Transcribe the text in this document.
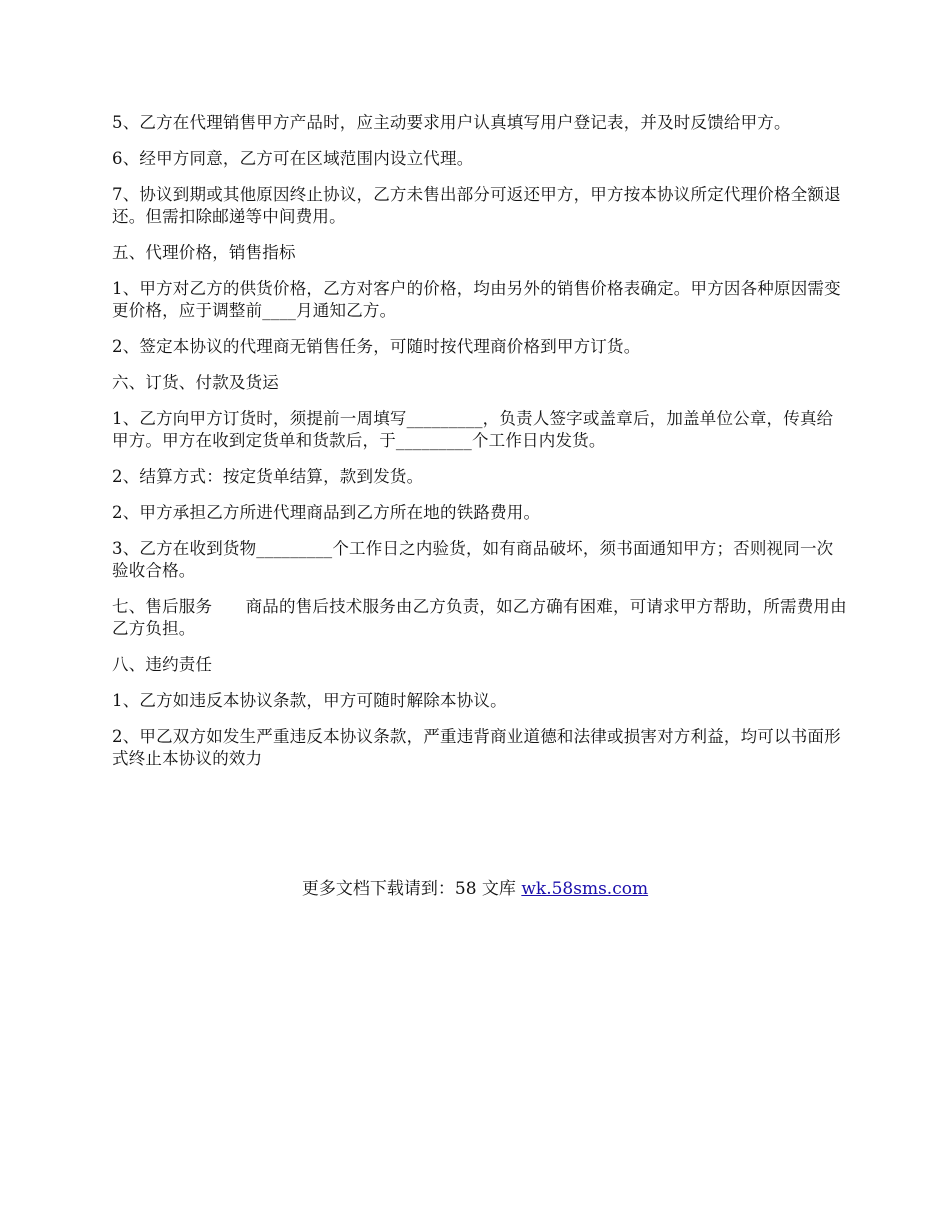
5、乙方在代理销售甲方产品时，应主动要求用户认真填写用户登记表，并及时反馈给甲方。

6、经甲方同意，乙方可在区域范围内设立代理。

7、协议到期或其他原因终止协议，乙方未售出部分可返还甲方，甲方按本协议所定代理价格全额退还。但需扣除邮递等中间费用。

五、代理价格，销售指标

1、甲方对乙方的供货价格，乙方对客户的价格，均由另外的销售价格表确定。甲方因各种原因需变更价格，应于调整前____月通知乙方。

2、签定本协议的代理商无销售任务，可随时按代理商价格到甲方订货。

六、订货、付款及货运

1、乙方向甲方订货时，须提前一周填写_________，负责人签字或盖章后，加盖单位公章，传真给甲方。甲方在收到定货单和货款后，于_________个工作日内发货。

2、结算方式：按定货单结算，款到发货。

2、甲方承担乙方所进代理商品到乙方所在地的铁路费用。

3、乙方在收到货物_________个工作日之内验货，如有商品破坏，须书面通知甲方；否则视同一次验收合格。

七、售后服务　　商品的售后技术服务由乙方负责，如乙方确有困难，可请求甲方帮助，所需费用由乙方负担。

八、违约责任

1、乙方如违反本协议条款，甲方可随时解除本协议。

2、甲乙双方如发生严重违反本协议条款，严重违背商业道德和法律或损害对方利益，均可以书面形式终止本协议的效力

更多文档下载请到：58 文库 wk.58sms.com
